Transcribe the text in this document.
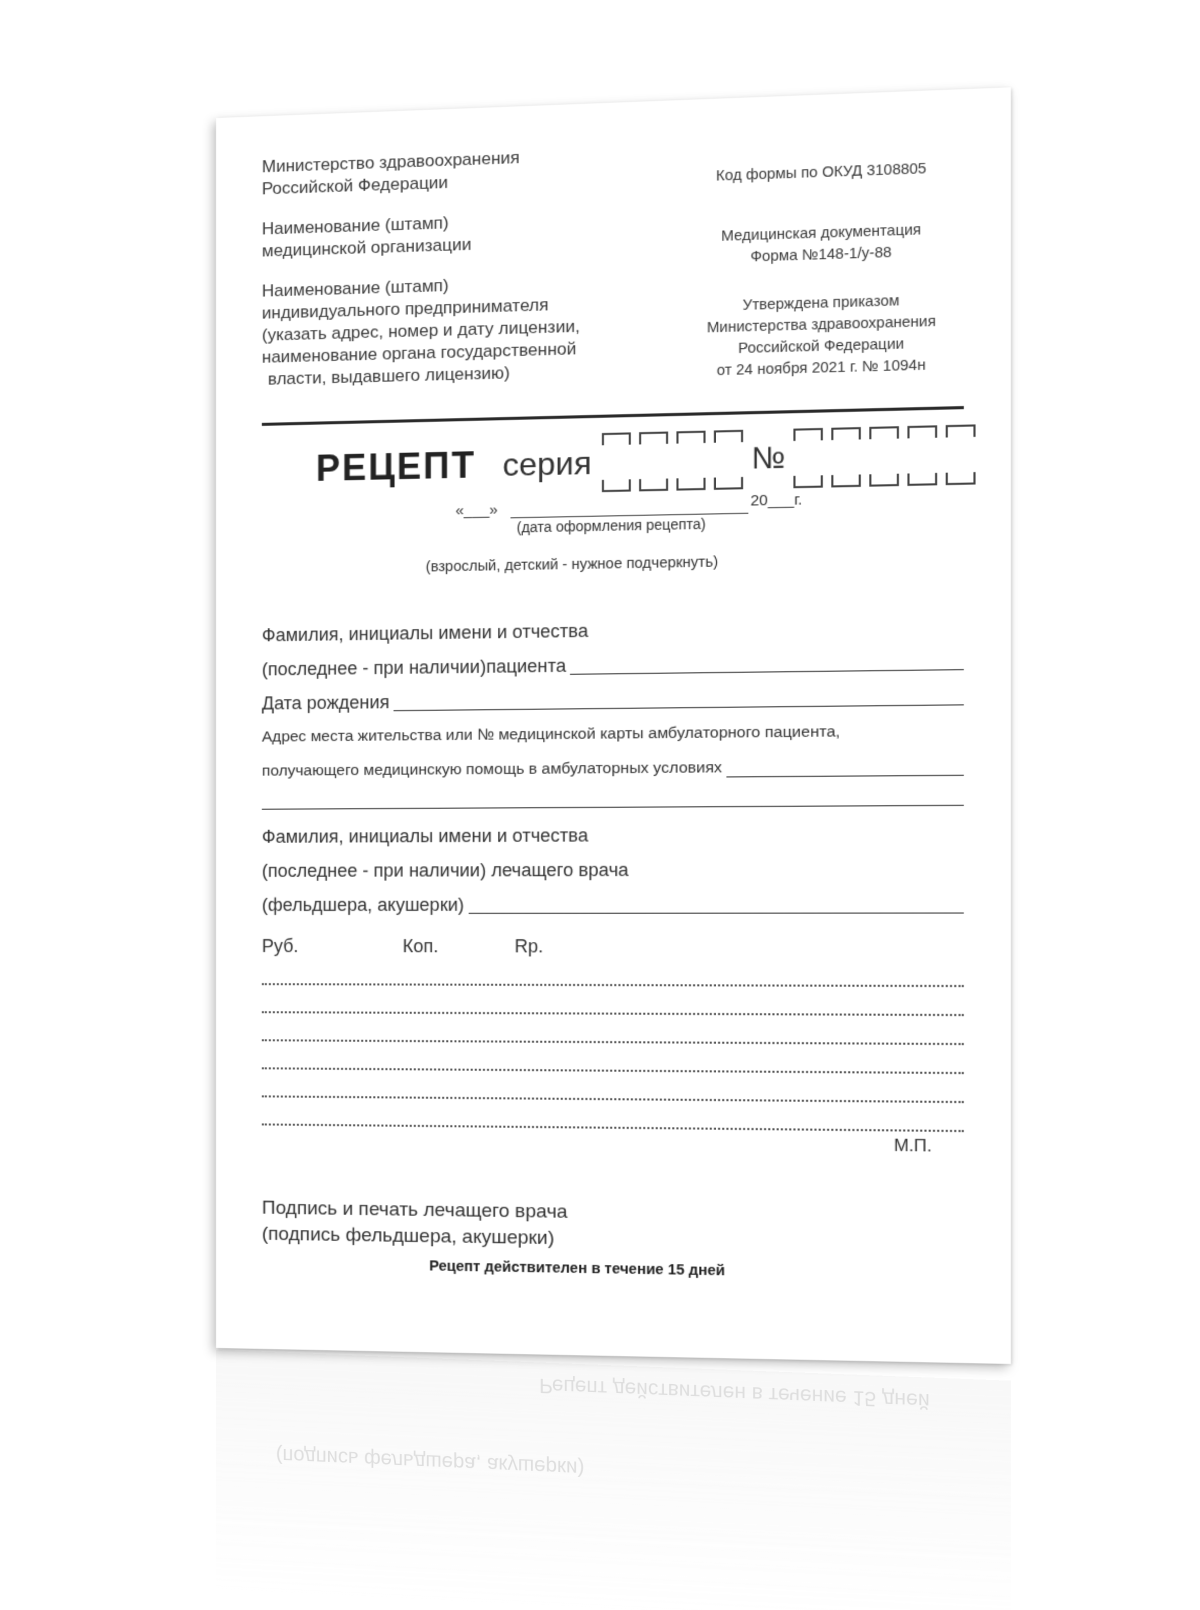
Рецепт действителен в течение 15 дней
(подпись фельдшера, акушерки)
Министерство здравоохранения
Российской Федерации
Наименование (штамп)
медицинской организации
Наименование (штамп)
индивидуального предпринимателя
(указать адрес, номер и дату лицензии,
наименование органа государственной
власти, выдавшего лицензию)
Код формы по ОКУД 3108805
Медицинская документация
Форма №148-1/у-88
Утверждена приказом
Министерства здравоохранения
Российской Федерации
от 24 ноября 2021 г. № 1094н
РЕЦЕПТ серия	№
«___»
20___г.
(дата оформления рецепта)
(взрослый, детский - нужное подчеркнуть)
Фамилия, инициалы имени и отчества
(последнее - при наличии)пациента
Дата рождения
Адрес места жительства или № медицинской карты амбулаторного пациента,
получающего медицинскую помощь в амбулаторных условиях
Фамилия, инициалы имени и отчества
(последнее - при наличии) лечащего врача
(фельдшера, акушерки)
Руб.	Коп.	Rp.
М.П.
Подпись и печать лечащего врача
(подпись фельдшера, акушерки)
Рецепт действителен в течение 15 дней
